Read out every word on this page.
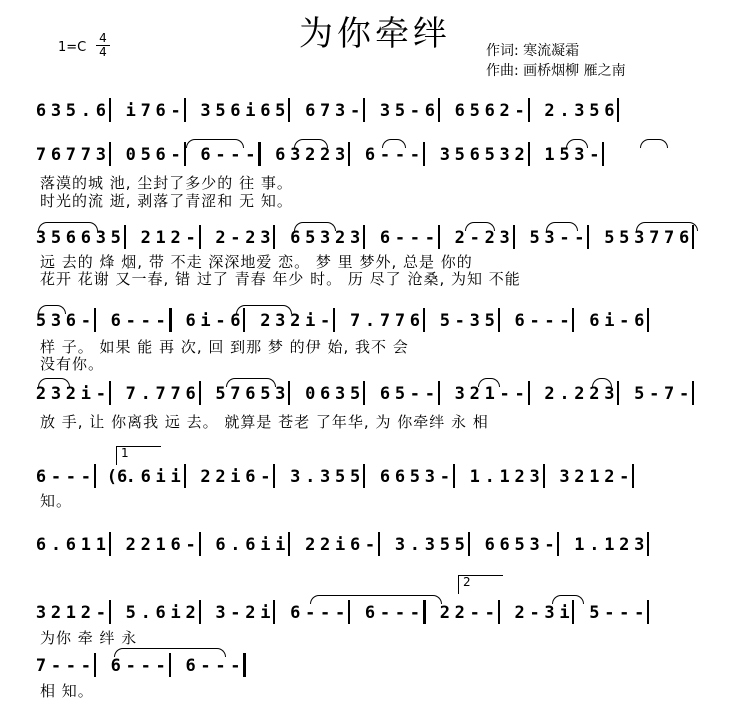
为你牵绊
1=C
4
4	作词: 寒流凝霜
作曲: 画桥烟柳 雁之南
6 3 5 . 6 i 7 6 - 3 5 6 i 6 5 6 7 3 - 3 5 - 6 6 5 6 2 - 2 . 3 5 6
7 6 7 7 3 0 5 6 - 6 - - - 6 3 2 2 3 6 - - - 3 5 6 5 3 2 1 5 3 -
落漠的城 池, 尘封了多少的 往 事。
时光的流 逝, 剥落了青涩和 无 知。
3 5 6 6 3 5 2 1 2 - 2 - 2 3 6 5 3 2 3 6 - - - 2 - 2 3 5 3 - - 5 5 3 7 7 6
远 去的 烽 烟, 带 不走 深深地爱 恋。 梦 里 梦外, 总是 你的
花开 花谢 又一春, 错 过了 青春 年少 时。 历 尽了 沧桑, 为知 不能
5 3 6 - 6 - - - 6 i - 6 2 3 2 i - 7 . 7 7 6 5 - 3 5 6 - - - 6 i - 6
样 子。 如果 能 再 次, 回 到那 梦 的伊 始, 我不 会
没有你。
2 3 2 i - 7 . 7 7 6 5 7 6 5 3 0 6 3 5 6 5 - - 3 2 1 - - 2 . 2 2 3 5 - 7 -
放 手, 让 你离我 远 去。 就算是 苍老 了年华, 为 你牵绊 永 相
6 - - - (6
. 6 i i 2 2 i 6 - 3 . 3 5 5 6 6 5 3 - 1 . 1 2 3 3 2 1 2 -
知。
6 . 6 1 1 2 2 1 6 - 6 . 6 i i 2 2 i 6 - 3 . 3 5 5 6 6 5 3 - 1 . 1 2 3
3 2 1 2 - 5 . 6 i 2 3 - 2 i 6 - - - 6 - - - 2 2 - - 2 - 3 i 5 - - -
为你 牵 绊 永
7 - - - 6 - - - 6 - - -
相 知。
1
2
